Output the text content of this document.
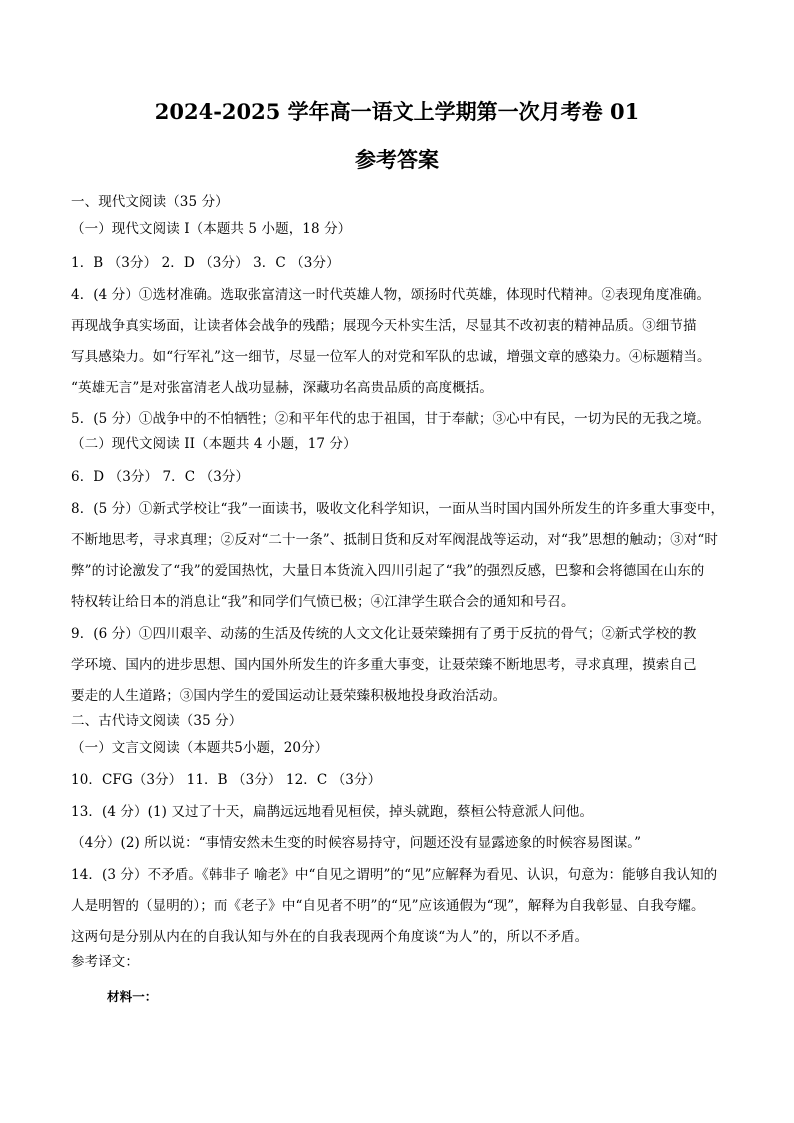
2024-2025 学年高一语文上学期第一次月考卷 01
参考答案
一、现代文阅读（35 分）
（一）现代文阅读 I（本题共 5 小题，18 分）
1．B （3分） 2．D （3分） 3．C （3分）
4．(4 分）①选材准确。选取张富清这一时代英雄人物，颂扬时代英雄，体现时代精神。②表现角度准确。
再现战争真实场面，让读者体会战争的残酷；展现今天朴实生活，尽显其不改初衷的精神品质。③细节描
写具感染力。如“行军礼”这一细节，尽显一位军人的对党和军队的忠诚，增强文章的感染力。④标题精当。
“英雄无言”是对张富清老人战功显赫，深藏功名高贵品质的高度概括。
5．(5 分）①战争中的不怕牺牲；②和平年代的忠于祖国，甘于奉献；③心中有民，一切为民的无我之境。
（二）现代文阅读 II（本题共 4 小题，17 分）
6．D （3分） 7．C （3分）
8．(5 分）①新式学校让“我”一面读书，吸收文化科学知识，一面从当时国内国外所发生的许多重大事变中，
不断地思考，寻求真理；②反对“二十一条”、抵制日货和反对军阀混战等运动，对“我”思想的触动；③对“时
弊”的讨论激发了“我”的爱国热忱，大量日本货流入四川引起了“我”的强烈反感，巴黎和会将德国在山东的
特权转让给日本的消息让“我”和同学们气愤已极；④江津学生联合会的通知和号召。
9．(6 分）①四川艰辛、动荡的生活及传统的人文文化让聂荣臻拥有了勇于反抗的骨气；②新式学校的教
学环境、国内的进步思想、国内国外所发生的许多重大事变，让聂荣臻不断地思考，寻求真理，摸索自己
要走的人生道路；③国内学生的爱国运动让聂荣臻积极地投身政治活动。
二、古代诗文阅读（35 分）
（一）文言文阅读（本题共5小题，20分）
10．CFG（3分） 11．B （3分） 12．C （3分）
13．(4 分）(1) 又过了十天，扁鹊远远地看见桓侯，掉头就跑，蔡桓公特意派人问他。
（4分）(2) 所以说：“事情安然未生变的时候容易持守，问题还没有显露迹象的时候容易图谋。”
14．(3 分）不矛盾。《韩非子 喻老》中“自见之谓明”的“见”应解释为看见、认识，句意为：能够自我认知的
人是明智的（显明的）；而《老子》中“自见者不明”的“见”应该通假为“现”，解释为自我彰显、自我夸耀。
这两句是分别从内在的自我认知与外在的自我表现两个角度谈“为人”的，所以不矛盾。
参考译文：
材料一：
